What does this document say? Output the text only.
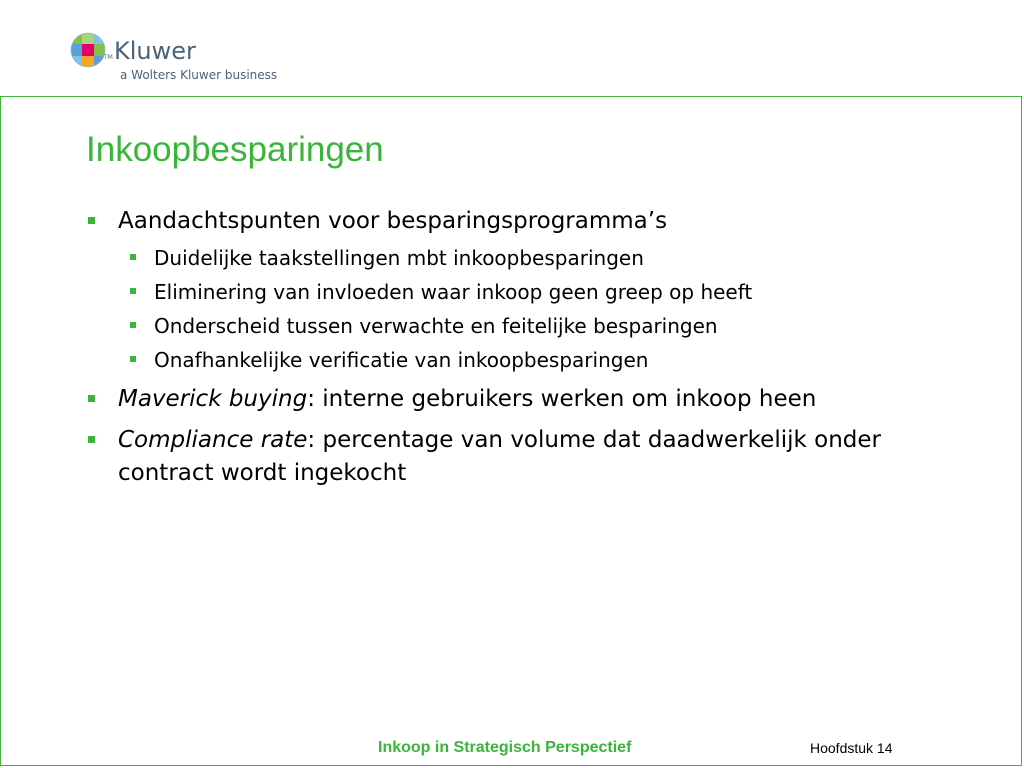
TM Kluwer
a Wolters Kluwer business
Inkoopbesparingen
Aandachtspunten voor besparingsprogramma’s
Duidelijke taakstellingen mbt inkoopbesparingen
Eliminering van invloeden waar inkoop geen greep op heeft
Onderscheid tussen verwachte en feitelijke besparingen
Onafhankelijke verificatie van inkoopbesparingen
Maverick buying: interne gebruikers werken om inkoop heen
Compliance rate: percentage van volume dat daadwerkelijk onder contract wordt ingekocht
Inkoop in Strategisch Perspectief	Hoofdstuk 14
